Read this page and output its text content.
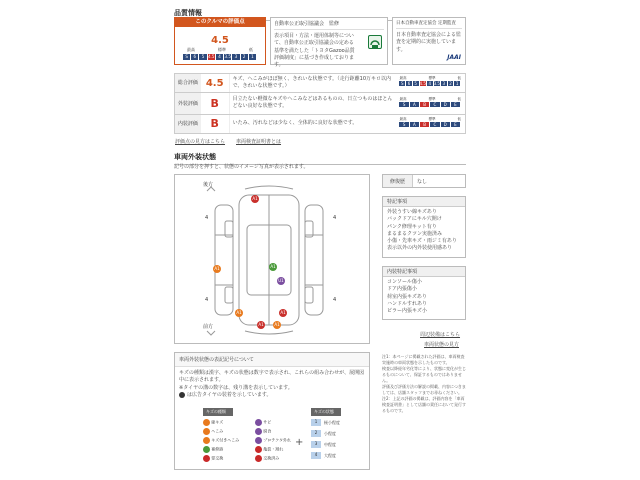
品質情報
このクルマの評価点
4.5
最高	標準	低
S	6	5 4.5 4 3.5 3	2	1
自動車公正取引協議会　監修
表示項目・方法・運用体制等について、自動車公正取引協議会の定める基準を満たした「トヨタGazoo品質評価制度」に基づき作成しております。
日本自動車査定協会 定期監査
日本自動車査定協会による監査を定期的に実施しています。
JAAI
総合評価 4.5	キズ、へこみがほぼ無く、きれいな状態です。（走行距離10万キロ以内で、きれいな状態です。）
最高	標準	低
S	6	5 4.5 4 3.5 3	2	1
外装評価	B	目立たない軽微なキズやへこみなどはあるものの、日立つものはほとんどない良好な状態です。
最高	標準	低
S	A	B	C	D	E
内装評価	B	いたみ、汚れなどは少なく、全体的に良好な状態です。
最高	標準	低
S	A	B	C	D	E
評価点の見方はこちら 車両検査証明書とは
車両外装状態
記号の部分を押すと、状態のイメージ写真が表示されます。
後方
前方
4	4
4	4
A1
A1	A1
U1
A1
A1
A1
A1
修復歴	なし
特記事項
外装うすい線キズあり
バックドアにキル穴開け
パンク修理キット有り
まるまるクツン実施済み
小傷・先車キズ・雨ジミ有あり
表示以外の内外装使用感あり
内装特記事項
コンソール傷小
ドア内張傷小
荷室内張キズあり
ハンドルすれあり
ピラー内張キズ小
周辺装備はこちら
車両状態の見方
車両外装状態の表記記号について
キズの種類は漢字、キズの状態は数字で表示され、これらの組み合わせが、展開図中に表示されます。
※タイヤの溝の数字は、残り溝を表示しています。
は広告タイヤの装着を示しています。
キズの種類
線キズ	サビ
へこみ	腐食
キズ付きへこみ	プロテクタ外れ
補修跡	亀裂・割れ
要交換	交換済み
+
キズの状態
1	極小程度
2	小程度
3	中程度
4	大程度
注1：本ページに掲載された評価は、車両検査実施時の車両状態を示したものです。
検査以降経年劣化等により、状態に変化が生じるものについて、保証するものではありません。
評価及び評価方法の解説の掲載、内容につきましては、店舗スタッフまでお尋ねください。
注2：上記の評価の掲載は、評価内容を「車両検査証明書」として店舗の責任において発行するものです。
